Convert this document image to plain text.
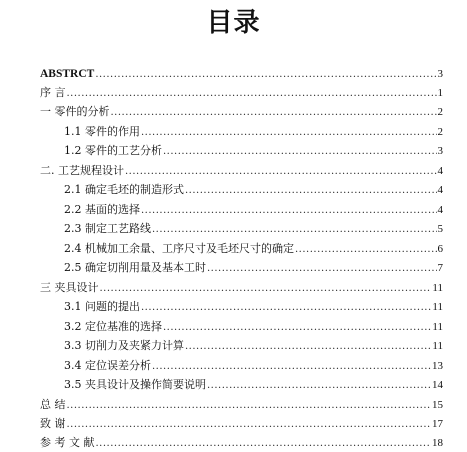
目录
ABSTRCT .....	3
序 言 .....	1
一 零件的分析 .....	2
1.1 零件的作用 .....	2
1.2 零件的工艺分析 .....	3
二. 工艺规程设计 .....	4
2.1 确定毛坯的制造形式 .....	4
2.2 基面的选择 .....	4
2.3 制定工艺路线 .....	5
2.4 机械加工余量、工序尺寸及毛坯尺寸的确定 .....	6
2.5 确定切削用量及基本工时 .....	7
三 夹具设计 .....	11
3.1 问题的提出 .....	11
3.2 定位基准的选择 .....	11
3.3 切削力及夹紧力计算 .....	11
3.4 定位误差分析 .....	13
3.5 夹具设计及操作简要说明 .....	14
总 结 .....	15
致 谢 .....	17
参 考 文 献 .....	18
